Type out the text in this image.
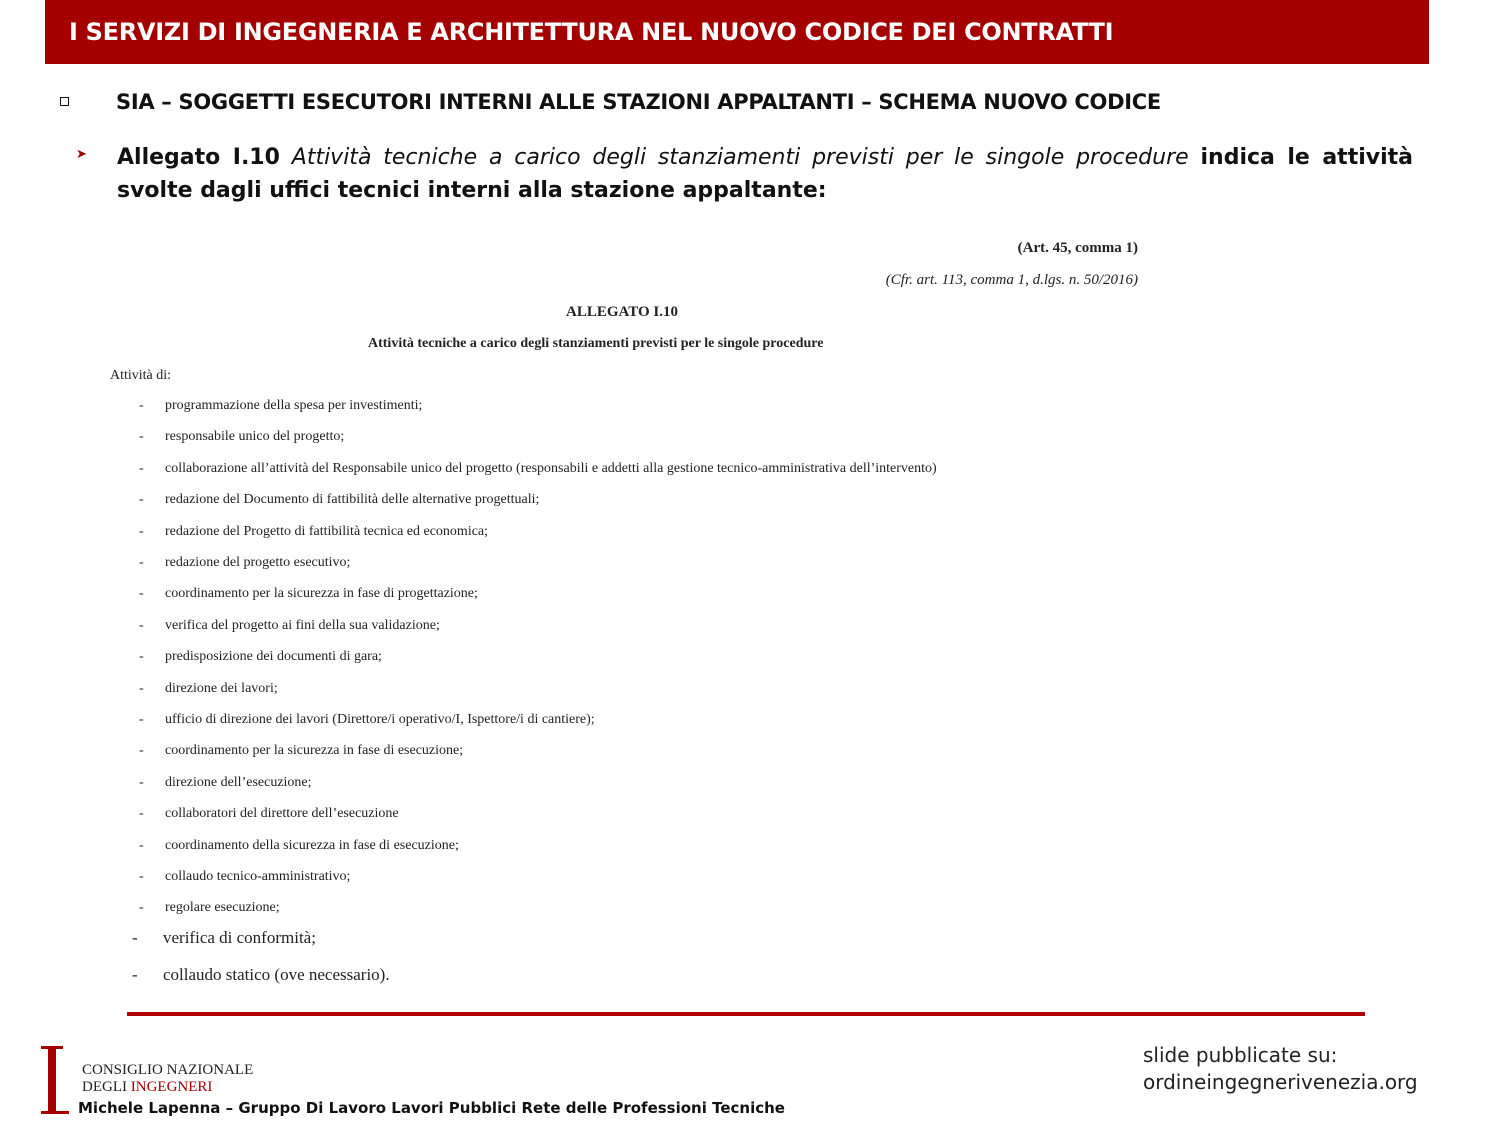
I SERVIZI DI INGEGNERIA E ARCHITETTURA NEL NUOVO CODICE DEI CONTRATTI
SIA – SOGGETTI ESECUTORI INTERNI ALLE STAZIONI APPALTANTI – SCHEMA NUOVO CODICE
➤ Allegato I.10 Attività tecniche a carico degli stanziamenti previsti per le singole procedure indica le attività svolte dagli uffici tecnici interni alla stazione appaltante:
(Art. 45, comma 1)
(Cfr. art. 113, comma 1, d.lgs. n. 50/2016)
ALLEGATO I.10
Attività tecniche a carico degli stanziamenti previsti per le singole procedure
Attività di:
- programmazione della spesa per investimenti;
- responsabile unico del progetto;
- collaborazione all’attività del Responsabile unico del progetto (responsabili e addetti alla gestione tecnico-amministrativa dell’intervento)
- redazione del Documento di fattibilità delle alternative progettuali;
- redazione del Progetto di fattibilità tecnica ed economica;
- redazione del progetto esecutivo;
- coordinamento per la sicurezza in fase di progettazione;
- verifica del progetto ai fini della sua validazione;
- predisposizione dei documenti di gara;
- direzione dei lavori;
- ufficio di direzione dei lavori (Direttore/i operativo/I, Ispettore/i di cantiere);
- coordinamento per la sicurezza in fase di esecuzione;
- direzione dell’esecuzione;
- collaboratori del direttore dell’esecuzione
- coordinamento della sicurezza in fase di esecuzione;
- collaudo tecnico-amministrativo;
- regolare esecuzione;
- verifica di conformità;
- collaudo statico (ove necessario).
CONSIGLIO NAZIONALE
DEGLI INGEGNERI
Michele Lapenna – Gruppo Di Lavoro Lavori Pubblici Rete delle Professioni Tecniche
slide pubblicate su:
ordineingegnerivenezia.org
